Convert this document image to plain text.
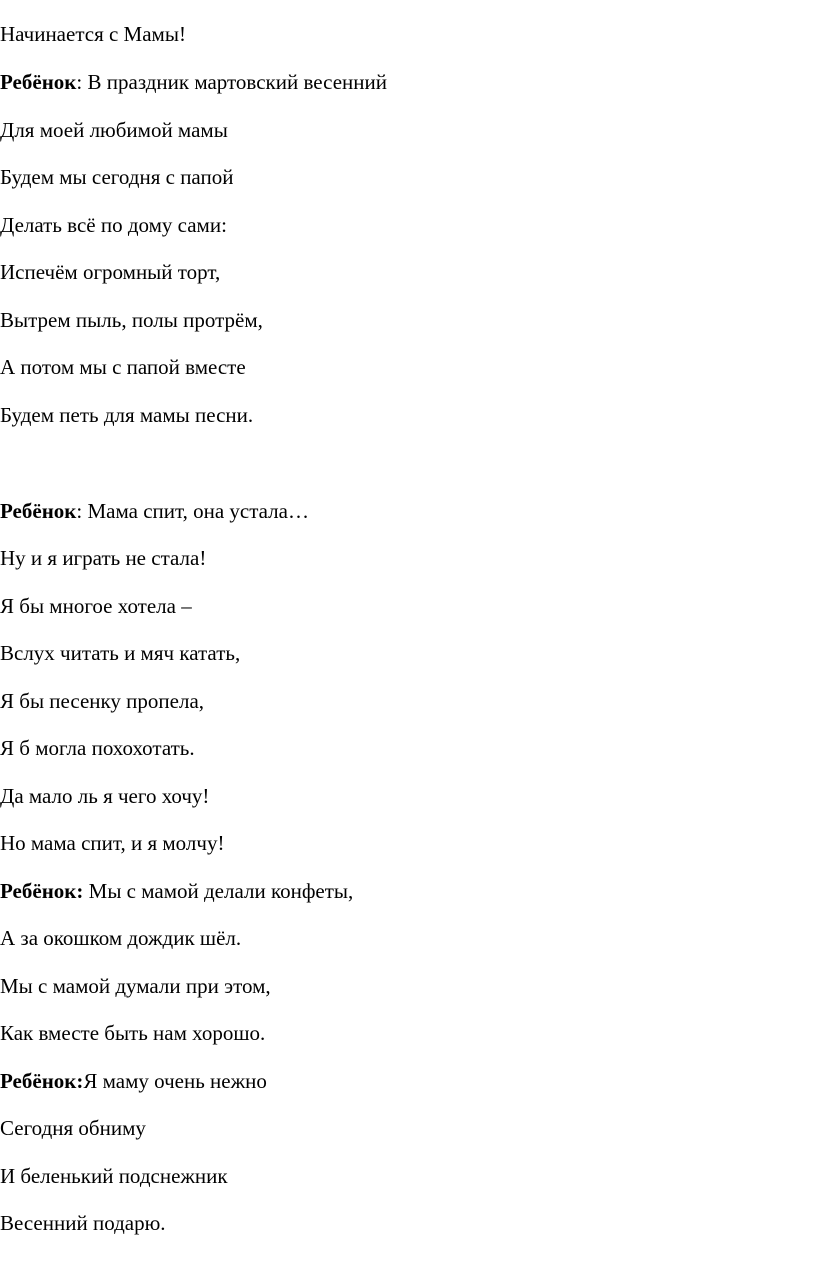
Начинается с Мамы!

Ребёнок: В праздник мартовский весенний

Для моей любимой мамы

Будем мы сегодня с папой

Делать всё по дому сами:

Испечём огромный торт,

Вытрем пыль, полы протрём,

А потом мы с папой вместе

Будем петь для мамы песни.

Ребёнок: Мама спит, она устала…

Ну и я играть не стала!

Я бы многое хотела –

Вслух читать и мяч катать,

Я бы песенку пропела,

Я б могла похохотать.

Да мало ль я чего хочу!

Но мама спит, и я молчу!

Ребёнок: Мы с мамой делали конфеты,

А за окошком дождик шёл.

Мы с мамой думали при этом,

Как вместе быть нам хорошо.

Ребёнок:Я маму очень нежно

Сегодня обниму

И беленький подснежник

Весенний подарю.
